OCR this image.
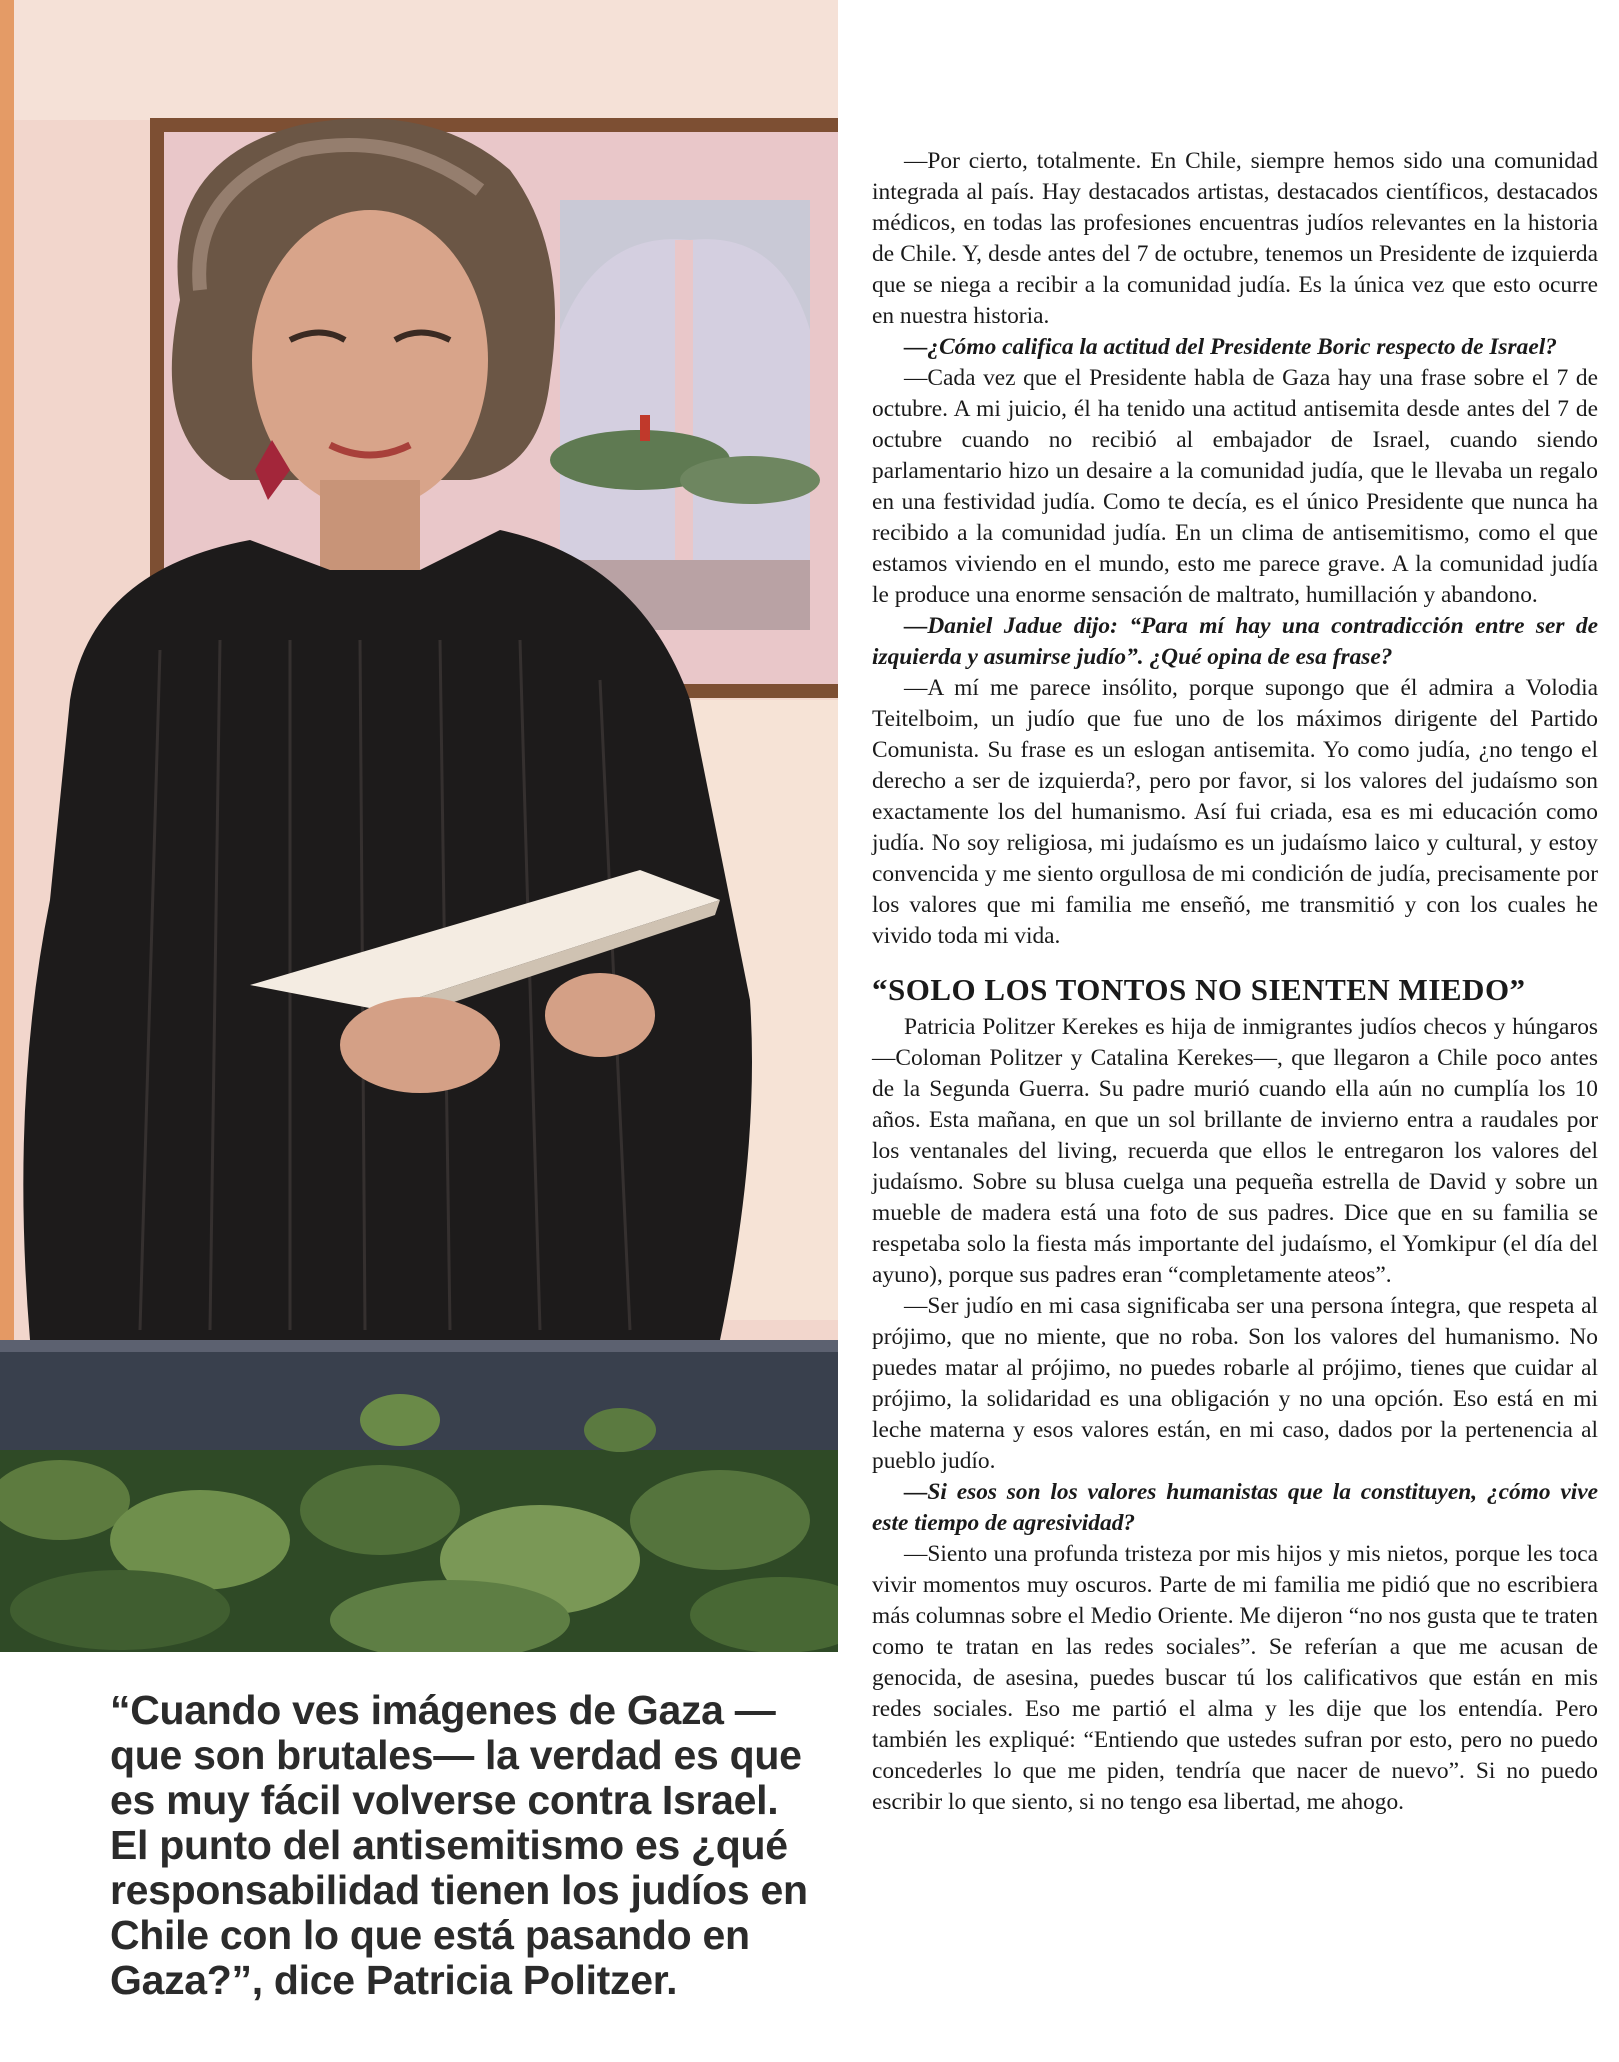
“Cuando ves imágenes de Gaza —que son brutales— la verdad es que es muy fácil volverse contra Israel. El punto del antisemitismo es ¿qué responsabilidad tienen los judíos en Chile con lo que está pasando en Gaza?”, dice Patricia Politzer.

—Por cierto, totalmente. En Chile, siempre hemos sido una comunidad integrada al país. Hay destacados artistas, destacados científicos, destacados médicos, en todas las profesiones encuentras judíos relevantes en la historia de Chile. Y, desde antes del 7 de octubre, tenemos un Presidente de izquierda que se niega a recibir a la comunidad judía. Es la única vez que esto ocurre en nuestra historia.

—¿Cómo califica la actitud del Presidente Boric respecto de Israel?

—Cada vez que el Presidente habla de Gaza hay una frase sobre el 7 de octubre. A mi juicio, él ha tenido una actitud antisemita desde antes del 7 de octubre cuando no recibió al embajador de Israel, cuando siendo parlamentario hizo un desaire a la comunidad judía, que le llevaba un regalo en una festividad judía. Como te decía, es el único Presidente que nunca ha recibido a la comunidad judía. En un clima de antisemitismo, como el que estamos viviendo en el mundo, esto me parece grave. A la comunidad judía le produce una enorme sensación de maltrato, humillación y abandono.

—Daniel Jadue dijo: “Para mí hay una contradicción entre ser de izquierda y asumirse judío”. ¿Qué opina de esa frase?

—A mí me parece insólito, porque supongo que él admira a Volodia Teitelboim, un judío que fue uno de los máximos dirigente del Partido Comunista. Su frase es un eslogan antisemita. Yo como judía, ¿no tengo el derecho a ser de izquierda?, pero por favor, si los valores del judaísmo son exactamente los del humanismo. Así fui criada, esa es mi educación como judía. No soy religiosa, mi judaísmo es un judaísmo laico y cultural, y estoy convencida y me siento orgullosa de mi condición de judía, precisamente por los valores que mi familia me enseñó, me transmitió y con los cuales he vivido toda mi vida.

“SOLO LOS TONTOS NO SIENTEN MIEDO”

Patricia Politzer Kerekes es hija de inmigrantes judíos checos y húngaros —Coloman Politzer y Catalina Kerekes—, que llegaron a Chile poco antes de la Segunda Guerra. Su padre murió cuando ella aún no cumplía los 10 años. Esta mañana, en que un sol brillante de invierno entra a raudales por los ventanales del living, recuerda que ellos le entregaron los valores del judaísmo. Sobre su blusa cuelga una pequeña estrella de David y sobre un mueble de madera está una foto de sus padres. Dice que en su familia se respetaba solo la fiesta más importante del judaísmo, el Yomkipur (el día del ayuno), porque sus padres eran “completamente ateos”.

—Ser judío en mi casa significaba ser una persona íntegra, que respeta al prójimo, que no miente, que no roba. Son los valores del humanismo. No puedes matar al prójimo, no puedes robarle al prójimo, tienes que cuidar al prójimo, la solidaridad es una obligación y no una opción. Eso está en mi leche materna y esos valores están, en mi caso, dados por la pertenencia al pueblo judío.

—Si esos son los valores humanistas que la constituyen, ¿cómo vive este tiempo de agresividad?

—Siento una profunda tristeza por mis hijos y mis nietos, porque les toca vivir momentos muy oscuros. Parte de mi familia me pidió que no escribiera más columnas sobre el Medio Oriente. Me dijeron “no nos gusta que te traten como te tratan en las redes sociales”. Se referían a que me acusan de genocida, de asesina, puedes buscar tú los calificativos que están en mis redes sociales. Eso me partió el alma y les dije que los entendía. Pero también les expliqué: “Entiendo que ustedes sufran por esto, pero no puedo concederles lo que me piden, tendría que nacer de nuevo”. Si no puedo escribir lo que siento, si no tengo esa libertad, me ahogo.
